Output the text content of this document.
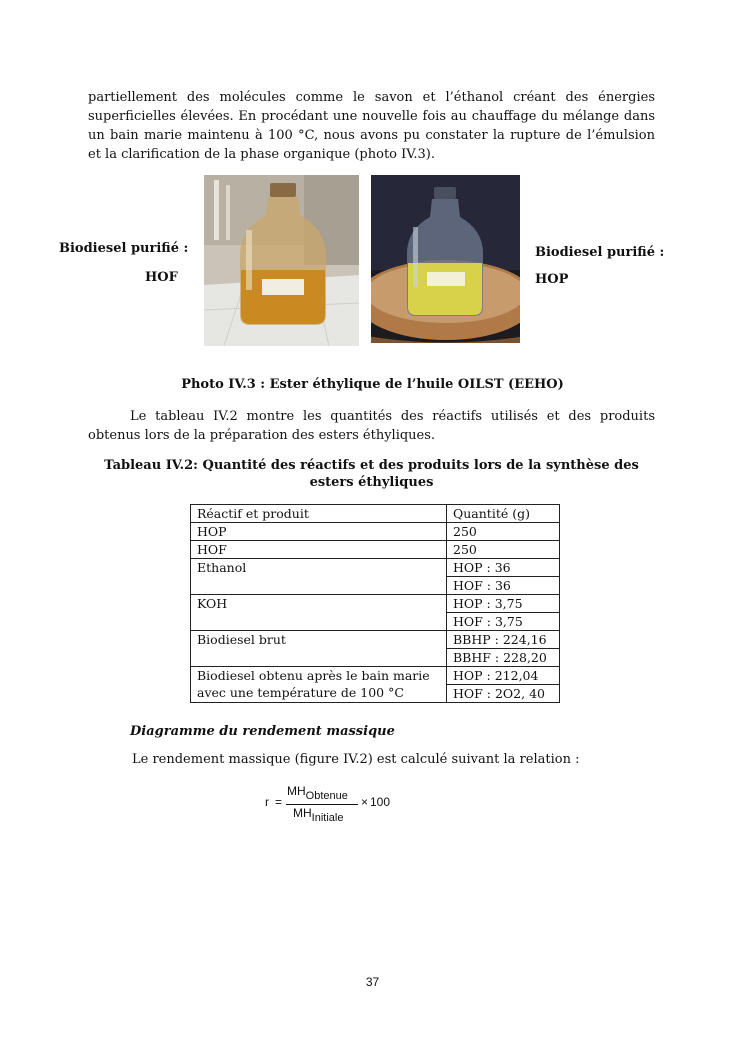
partiellement des molécules comme le savon et l’éthanol créant des énergies superficielles élevées. En procédant une nouvelle fois au chauffage du mélange dans un bain marie maintenu à 100 °C, nous avons pu constater la rupture de l’émulsion et la clarification de la phase organique (photo IV.3).
Biodiesel purifié :
HOF
Biodiesel purifié :
HOP
Photo IV.3 : Ester éthylique de l’huile OILST (EEHO)
Le tableau IV.2 montre les quantités des réactifs utilisés et des produits obtenus lors de la préparation des esters éthyliques.
Tableau IV.2: Quantité des réactifs et des produits lors de la synthèse des esters éthyliques
Réactif et produit	Quantité (g)
HOP	250
HOF	250
Ethanol	HOP : 36
	HOF : 36
KOH	HOP : 3,75
	HOF : 3,75
Biodiesel brut	BBHP : 224,16
	BBHF : 228,20
Biodiesel obtenu après le bain marie avec une température de 100 °C	HOP : 212,04
	HOF : 2O2, 40
Diagramme du rendement massique
Le rendement massique (figure IV.2) est calculé suivant la relation :
r =
$MH_{Obtenue} \times 100$
$MH_{Initiale}$
37
